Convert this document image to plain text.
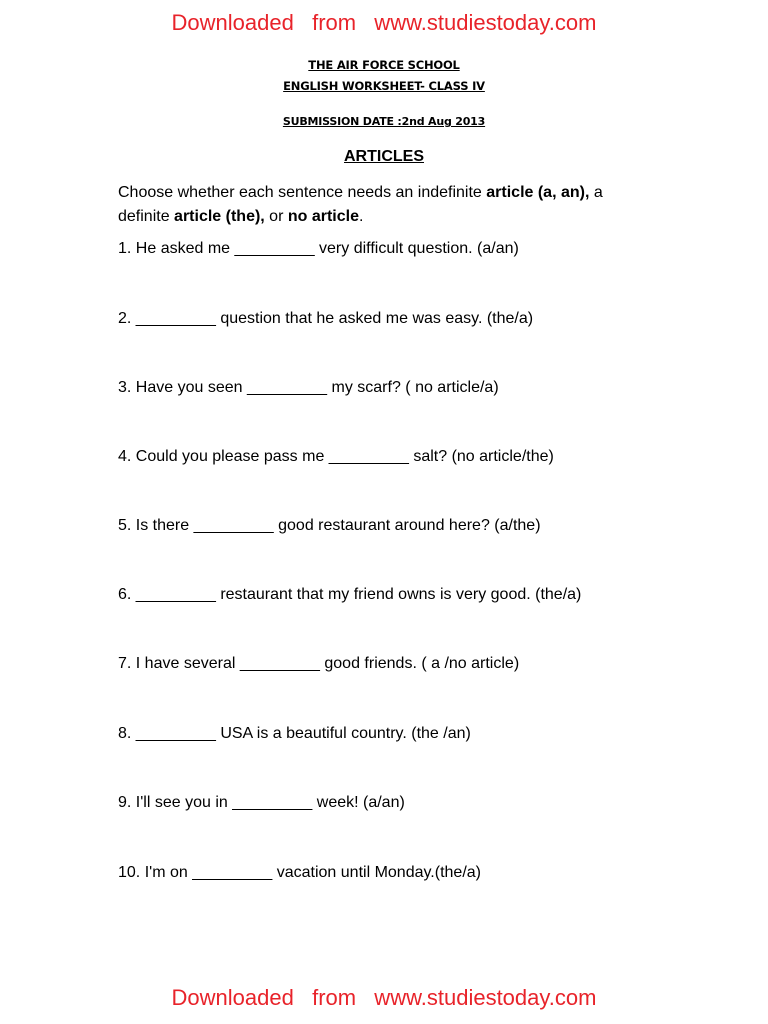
Downloaded  from  www.studiestoday.com
THE AIR FORCE SCHOOL
ENGLISH WORKSHEET- CLASS IV
SUBMISSION DATE :2nd Aug 2013
ARTICLES
Choose whether each sentence needs an indefinite article (a, an), a definite article (the), or no article.
1. He asked me _________ very difficult question. (a/an)
2. _________ question that he asked me was easy. (the/a)
3. Have you seen _________ my scarf? ( no article/a)
4. Could you please pass me _________ salt? (no article/the)
5. Is there _________ good restaurant around here? (a/the)
6. _________ restaurant that my friend owns is very good. (the/a)
7. I have several _________ good friends. ( a /no article)
8. _________ USA is a beautiful country. (the /an)
9. I'll see you in _________ week! (a/an)
10. I'm on _________ vacation until Monday.(the/a)
Downloaded  from  www.studiestoday.com
